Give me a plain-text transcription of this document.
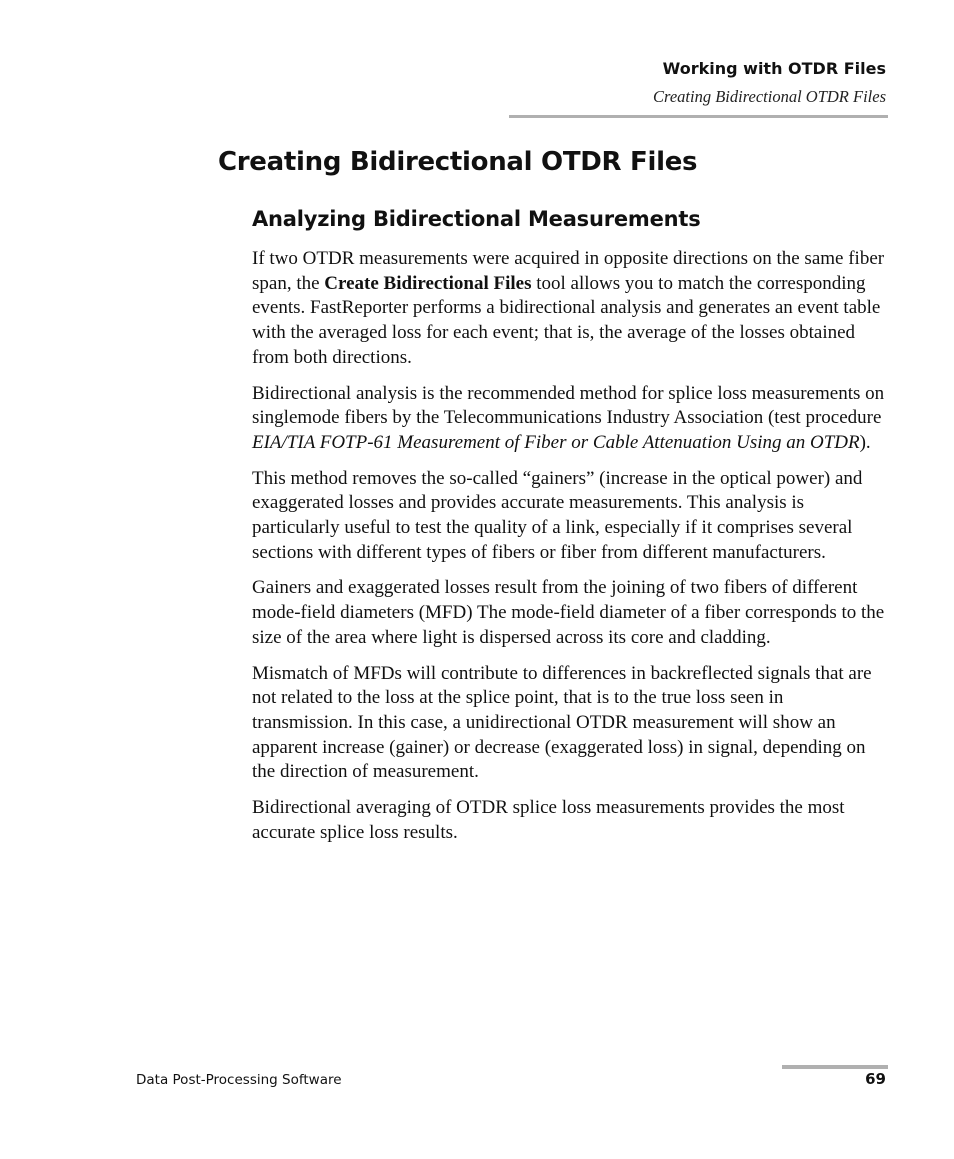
Working with OTDR Files
Creating Bidirectional OTDR Files
Creating Bidirectional OTDR Files
Analyzing Bidirectional Measurements

If two OTDR measurements were acquired in opposite directions on the same fiber span, the Create Bidirectional Files tool allows you to match the corresponding events. FastReporter performs a bidirectional analysis and generates an event table with the averaged loss for each event; that is, the average of the losses obtained from both directions.

Bidirectional analysis is the recommended method for splice loss measurements on singlemode fibers by the Telecommunications Industry Association (test procedure EIA/TIA FOTP-61 Measurement of Fiber or Cable Attenuation Using an OTDR).

This method removes the so-called “gainers” (increase in the optical power) and exaggerated losses and provides accurate measurements. This analysis is particularly useful to test the quality of a link, especially if it comprises several sections with different types of fibers or fiber from different manufacturers.

Gainers and exaggerated losses result from the joining of two fibers of different mode-field diameters (MFD) The mode-field diameter of a fiber corresponds to the size of the area where light is dispersed across its core and cladding.

Mismatch of MFDs will contribute to differences in backreflected signals that are not related to the loss at the splice point, that is to the true loss seen in transmission. In this case, a unidirectional OTDR measurement will show an apparent increase (gainer) or decrease (exaggerated loss) in signal, depending on the direction of measurement.

Bidirectional averaging of OTDR splice loss measurements provides the most accurate splice loss results.

Data Post-Processing Software	69
